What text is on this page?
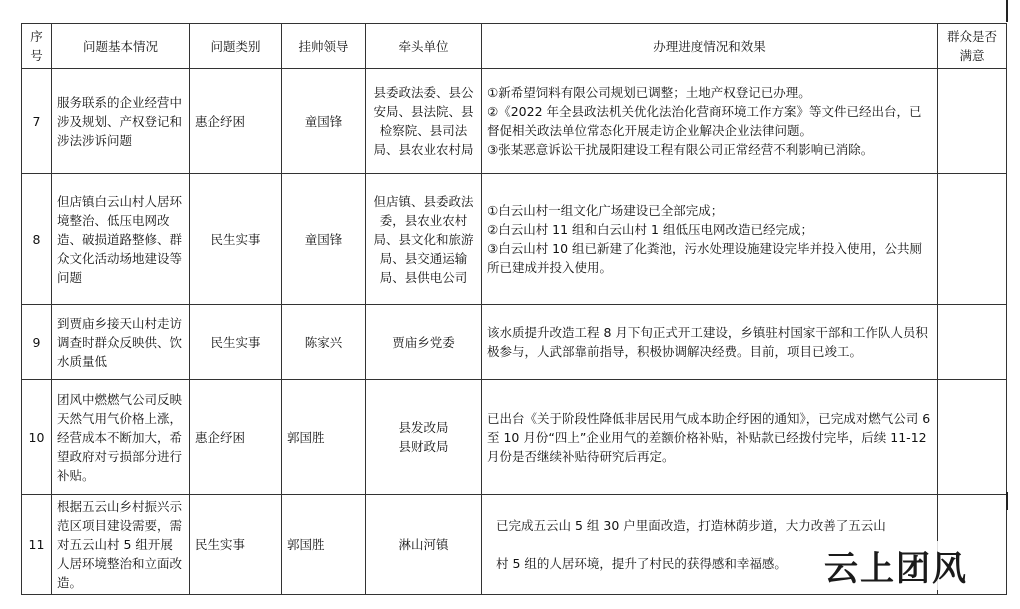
序号	问题基本情况	问题类别	挂帅领导	牵头单位	办理进度情况和效果	群众是否满意
7	服务联系的企业经营中涉及规划、产权登记和涉法涉诉问题	惠企纾困	童国锋	县委政法委、县公安局、县法院、县检察院、县司法局、县农业农村局	①新希望饲料有限公司规划已调整；土地产权登记已办理。
②《2022 年全县政法机关优化法治化营商环境工作方案》等文件已经出台，已督促相关政法单位常态化开展走访企业解决企业法律问题。
③张某恶意诉讼干扰晟阳建设工程有限公司正常经营不利影响已消除。	

8	但店镇白云山村人居环境整治、低压电网改造、破损道路整修、群众文化活动场地建设等问题	民生实事	童国锋	但店镇、县委政法委，县农业农村局、县文化和旅游局、县交通运输局、县供电公司	①白云山村一组文化广场建设已全部完成；
②白云山村 11 组和白云山村 1 组低压电网改造已经完成；
③白云山村 10 组已新建了化粪池，污水处理设施建设完毕并投入使用，公共厕所已建成并投入使用。	

9	到贾庙乡接天山村走访调查时群众反映供、饮水质量低	民生实事	陈家兴	贾庙乡党委	该水质提升改造工程 8 月下旬正式开工建设，乡镇驻村国家干部和工作队人员积极参与，人武部靠前指导，积极协调解决经费。目前，项目已竣工。	

10	团风中燃燃气公司反映天然气用气价格上涨，经营成本不断加大，希望政府对亏损部分进行补贴。	惠企纾困	郭国胜	县发改局
县财政局	已出台《关于阶段性降低非居民用气成本助企纾困的通知》，已完成对燃气公司 6 至 10 月份“四上”企业用气的差额价格补贴，补贴款已经拨付完毕，后续 11-12 月份是否继续补贴待研究后再定。	

11	根据五云山乡村振兴示范区项目建设需要，需对五云山村 5 组开展人居环境整治和立面改造。	民生实事	郭国胜	淋山河镇	已完成五云山 5 组 30 户里面改造，打造林荫步道，大力改善了五云山
村 5 组的人居环境，提升了村民的获得感和幸福感。	
		云上团风
